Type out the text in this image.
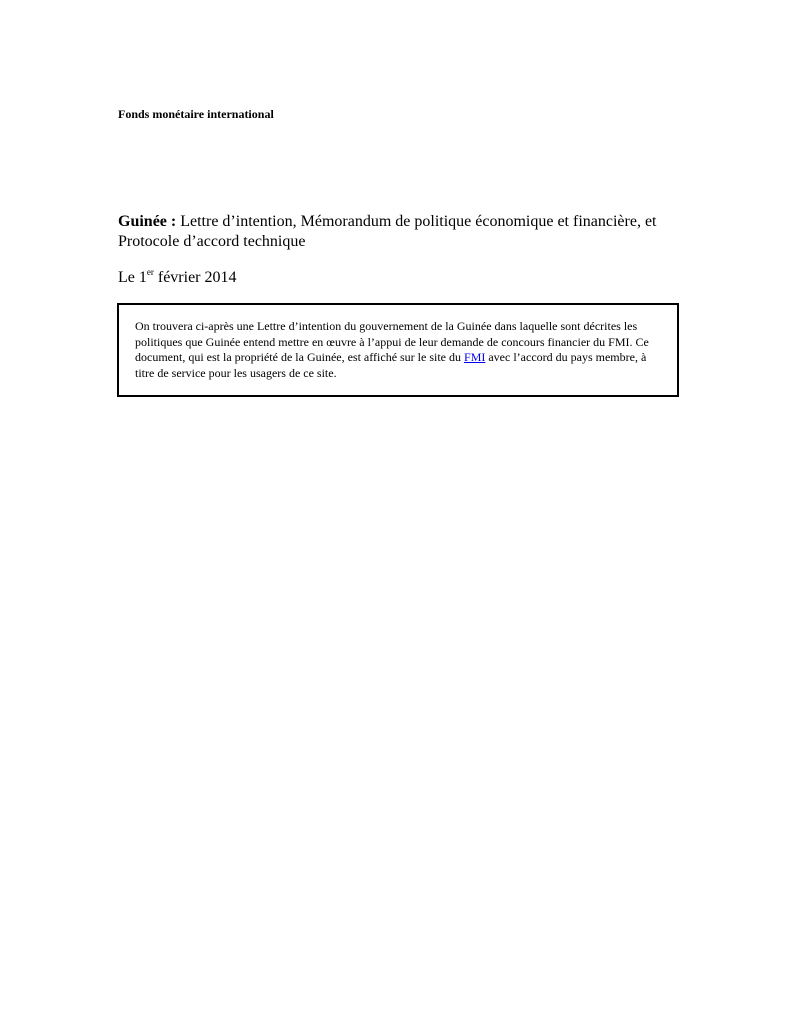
Fonds monétaire international
Guinée : Lettre d’intention, Mémorandum de politique économique et financière, et Protocole d’accord technique
Le 1er février 2014

On trouvera ci-après une Lettre d’intention du gouvernement de la Guinée dans laquelle sont décrites les politiques que Guinée entend mettre en œuvre à l’appui de leur demande de concours financier du FMI. Ce document, qui est la propriété de la Guinée, est affiché sur le site du FMI avec l’accord du pays membre, à titre de service pour les usagers de ce site.
